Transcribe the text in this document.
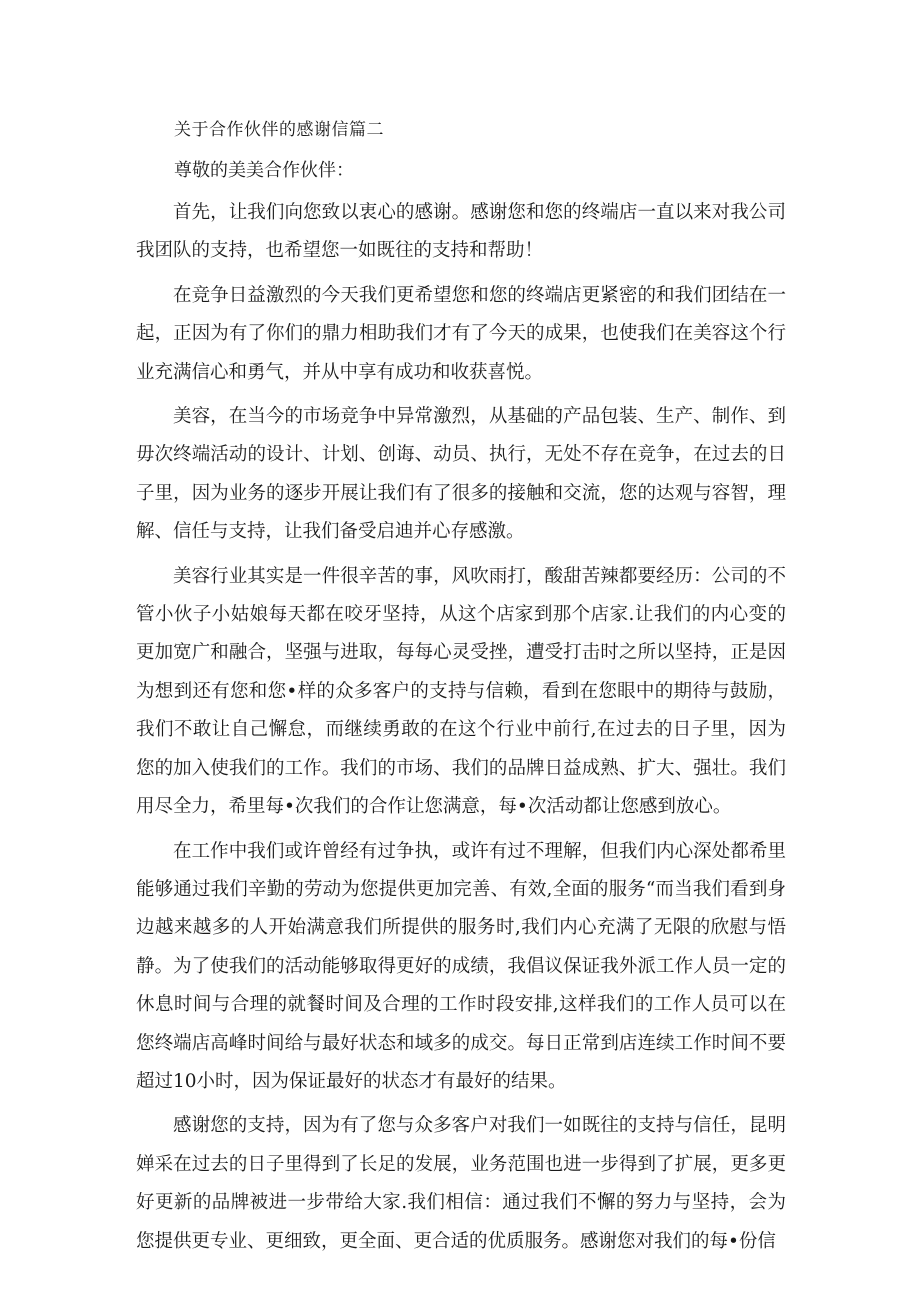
关于合作伙伴的感谢信篇二
尊敬的美美合作伙伴：

首先，让我们向您致以衷心的感谢。感谢您和您的终端店一直以来对我公司我团队的支持，也希望您一如既往的支持和帮助！

在竞争日益激烈的今天我们更希望您和您的终端店更紧密的和我们团结在一起，正因为有了你们的鼎力相助我们才有了今天的成果，也使我们在美容这个行业充满信心和勇气，并从中享有成功和收获喜悦。

美容，在当今的市场竞争中异常激烈，从基础的产品包装、生产、制作、到毋次终端活动的设计、计划、创诲、动员、执行，无处不存在竞争，在过去的日子里，因为业务的逐步开展让我们有了很多的接触和交流，您的达观与容智，理解、信任与支持，让我们备受启迪并心存感激。

美容行业其实是一件很辛苦的事，风吹雨打，酸甜苦辣都要经历：公司的不管小伙子小姑娘每天都在咬牙坚持，从这个店家到那个店家.让我们的内心变的更加宽广和融合，坚强与进取，每每心灵受挫，遭受打击时之所以坚持，正是因为想到还有您和您•样的众多客户的支持与信赖，看到在您眼中的期待与鼓励，我们不敢让自己懈怠，而继续勇敢的在这个行业中前行,在过去的日子里，因为您的加入使我们的工作。我们的市场、我们的品牌日益成熟、扩大、强壮。我们用尽全力，希里每•次我们的合作让您满意，每•次活动都让您感到放心。

在工作中我们或许曾经有过争执，或许有过不理解，但我们内心深处都希里能够通过我们辛勤的劳动为您提供更加完善、有效,全面的服务“而当我们看到身边越来越多的人开始满意我们所提供的服务时,我们内心充满了无限的欣慰与悟静。为了使我们的活动能够取得更好的成绩，我倡议保证我外派工作人员一定的休息时间与合理的就餐时间及合理的工作时段安排,这样我们的工作人员可以在您终端店高峰时间给与最好状态和域多的成交。每日正常到店连续工作时间不要超过10小时，因为保证最好的状态才有最好的结果。

感谢您的支持，因为有了您与众多客户对我们一如既往的支持与信任，昆明婵采在过去的日子里得到了长足的发展，业务范围也进一步得到了扩展，更多更好更新的品牌被进一步带给大家.我们相信：通过我们不懈的努力与坚持，会为您提供更专业、更细致，更全面、更合适的优质服务。感谢您对我们的每•份信
